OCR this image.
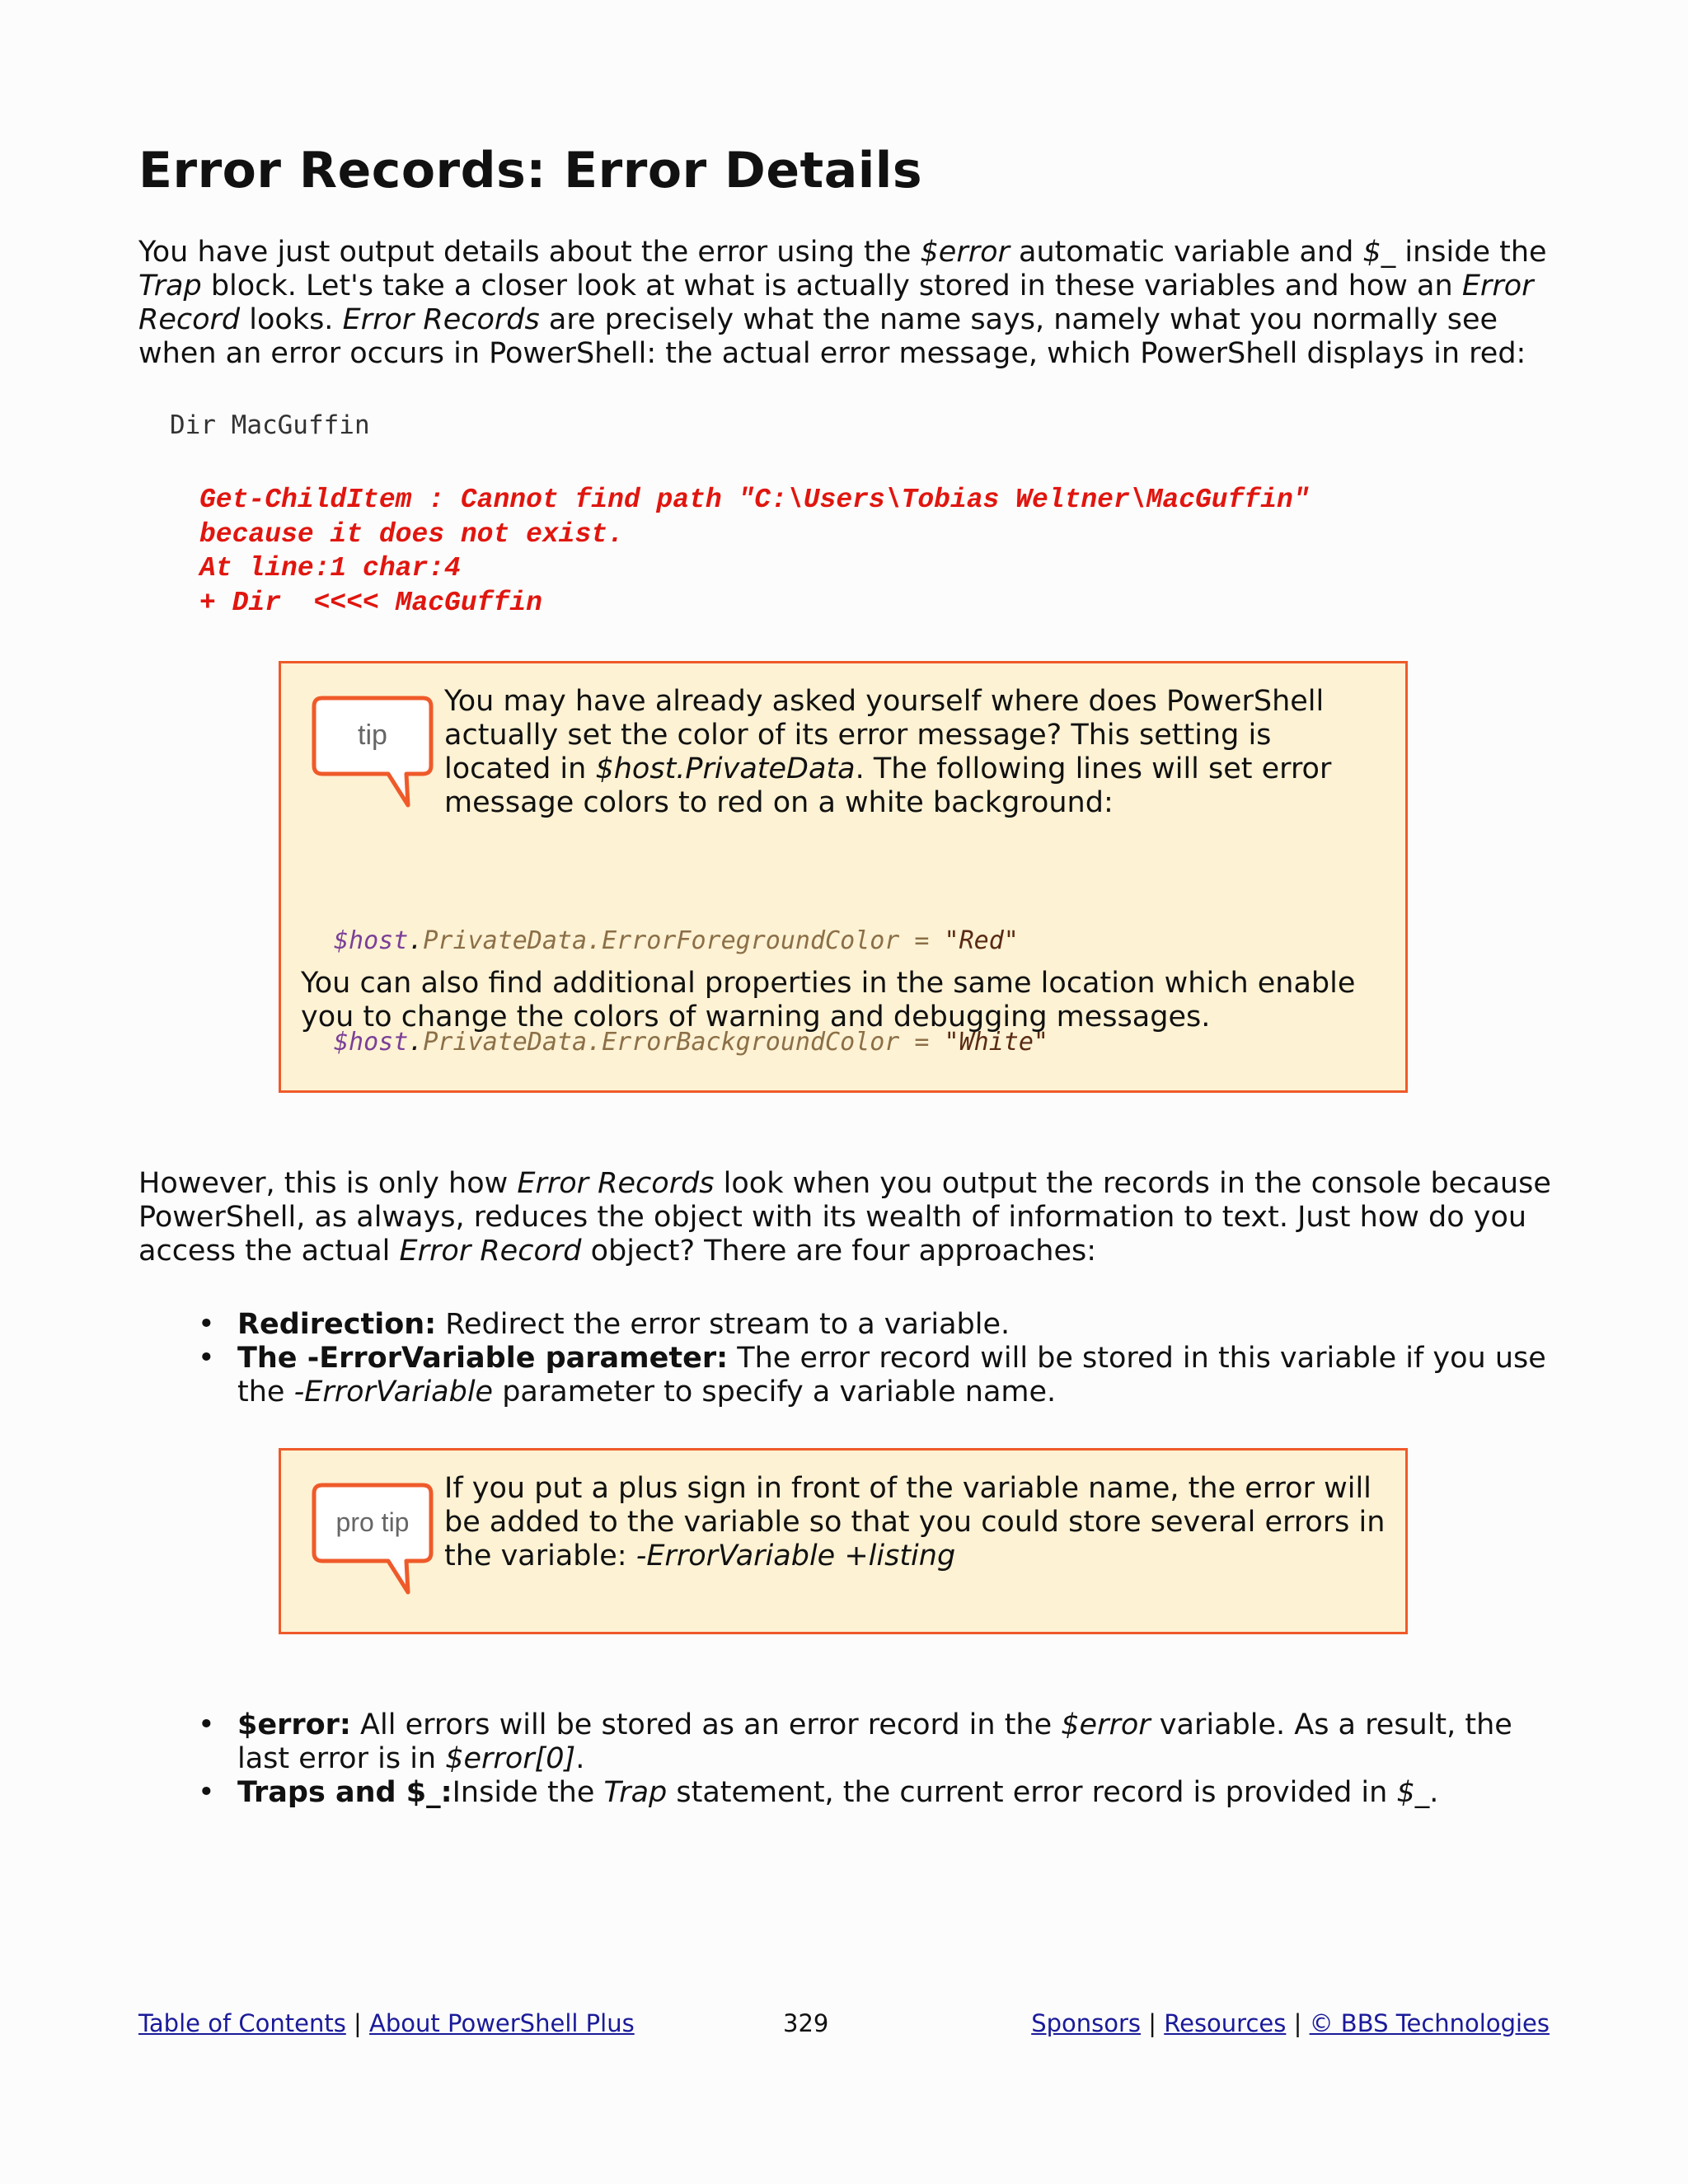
Error Records: Error Details

You have just output details about the error using the $error automatic variable and $_ inside the Trap block. Let's take a closer look at what is actually stored in these variables and how an Error Record looks. Error Records are precisely what the name says, namely what you normally see when an error occurs in PowerShell: the actual error message, which PowerShell displays in red:

Dir MacGuffin
Get-ChildItem : Cannot find path "C:\Users\Tobias Weltner\MacGuffin"
because it does not exist.
At line:1 char:4
+ Dir  <<<< MacGuffin
tip
You may have already asked yourself where does PowerShell actually set the color of its error message? This setting is located in $host.PrivateData. The following lines will set error message colors to red on a white background:

$host.PrivateData.ErrorForegroundColor = "Red"

$host.PrivateData.ErrorBackgroundColor = "White"

You can also find additional properties in the same location which enable you to change the colors of warning and debugging messages.

However, this is only how Error Records look when you output the records in the console because PowerShell, as always, reduces the object with its wealth of information to text. Just how do you access the actual Error Record object? There are four approaches:

• Redirection: Redirect the error stream to a variable.
• The -ErrorVariable parameter: The error record will be stored in this variable if you use the -ErrorVariable parameter to specify a variable name.
pro tip
If you put a plus sign in front of the variable name, the error will be added to the variable so that you could store several errors in the variable: -ErrorVariable +listing
• $error: All errors will be stored as an error record in the $error variable. As a result, the last error is in $error[0].
• Traps and $_:Inside the Trap statement, the current error record is provided in $_.
Table of Contents | About PowerShell Plus	329	Sponsors | Resources | © BBS Technologies
